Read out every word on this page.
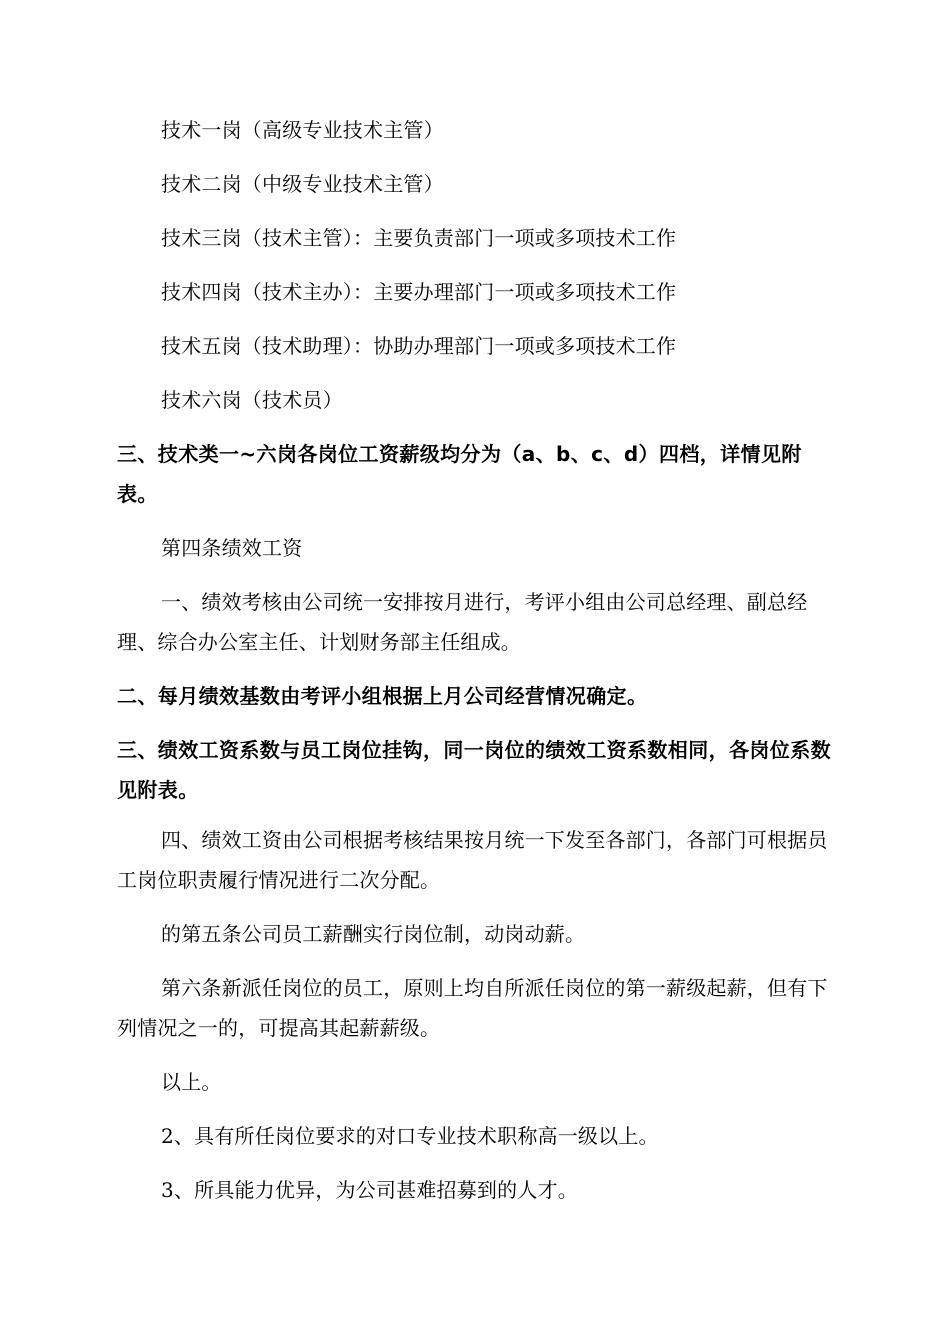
技术一岗（高级专业技术主管）

技术二岗（中级专业技术主管）

技术三岗（技术主管）：主要负责部门一项或多项技术工作

技术四岗（技术主办）：主要办理部门一项或多项技术工作

技术五岗（技术助理）：协助办理部门一项或多项技术工作

技术六岗（技术员）

三、技术类一~六岗各岗位工资薪级均分为（a、b、c、d）四档，详情见附表。

第四条绩效工资

一、绩效考核由公司统一安排按月进行，考评小组由公司总经理、副总经理、综合办公室主任、计划财务部主任组成。

二、每月绩效基数由考评小组根据上月公司经营情况确定。

三、绩效工资系数与员工岗位挂钩，同一岗位的绩效工资系数相同，各岗位系数见附表。

四、绩效工资由公司根据考核结果按月统一下发至各部门，各部门可根据员工岗位职责履行情况进行二次分配。

的第五条公司员工薪酬实行岗位制，动岗动薪。

第六条新派任岗位的员工，原则上均自所派任岗位的第一薪级起薪，但有下列情况之一的，可提高其起薪薪级。

以上。

2、具有所任岗位要求的对口专业技术职称高一级以上。

3、所具能力优异，为公司甚难招募到的人才。
